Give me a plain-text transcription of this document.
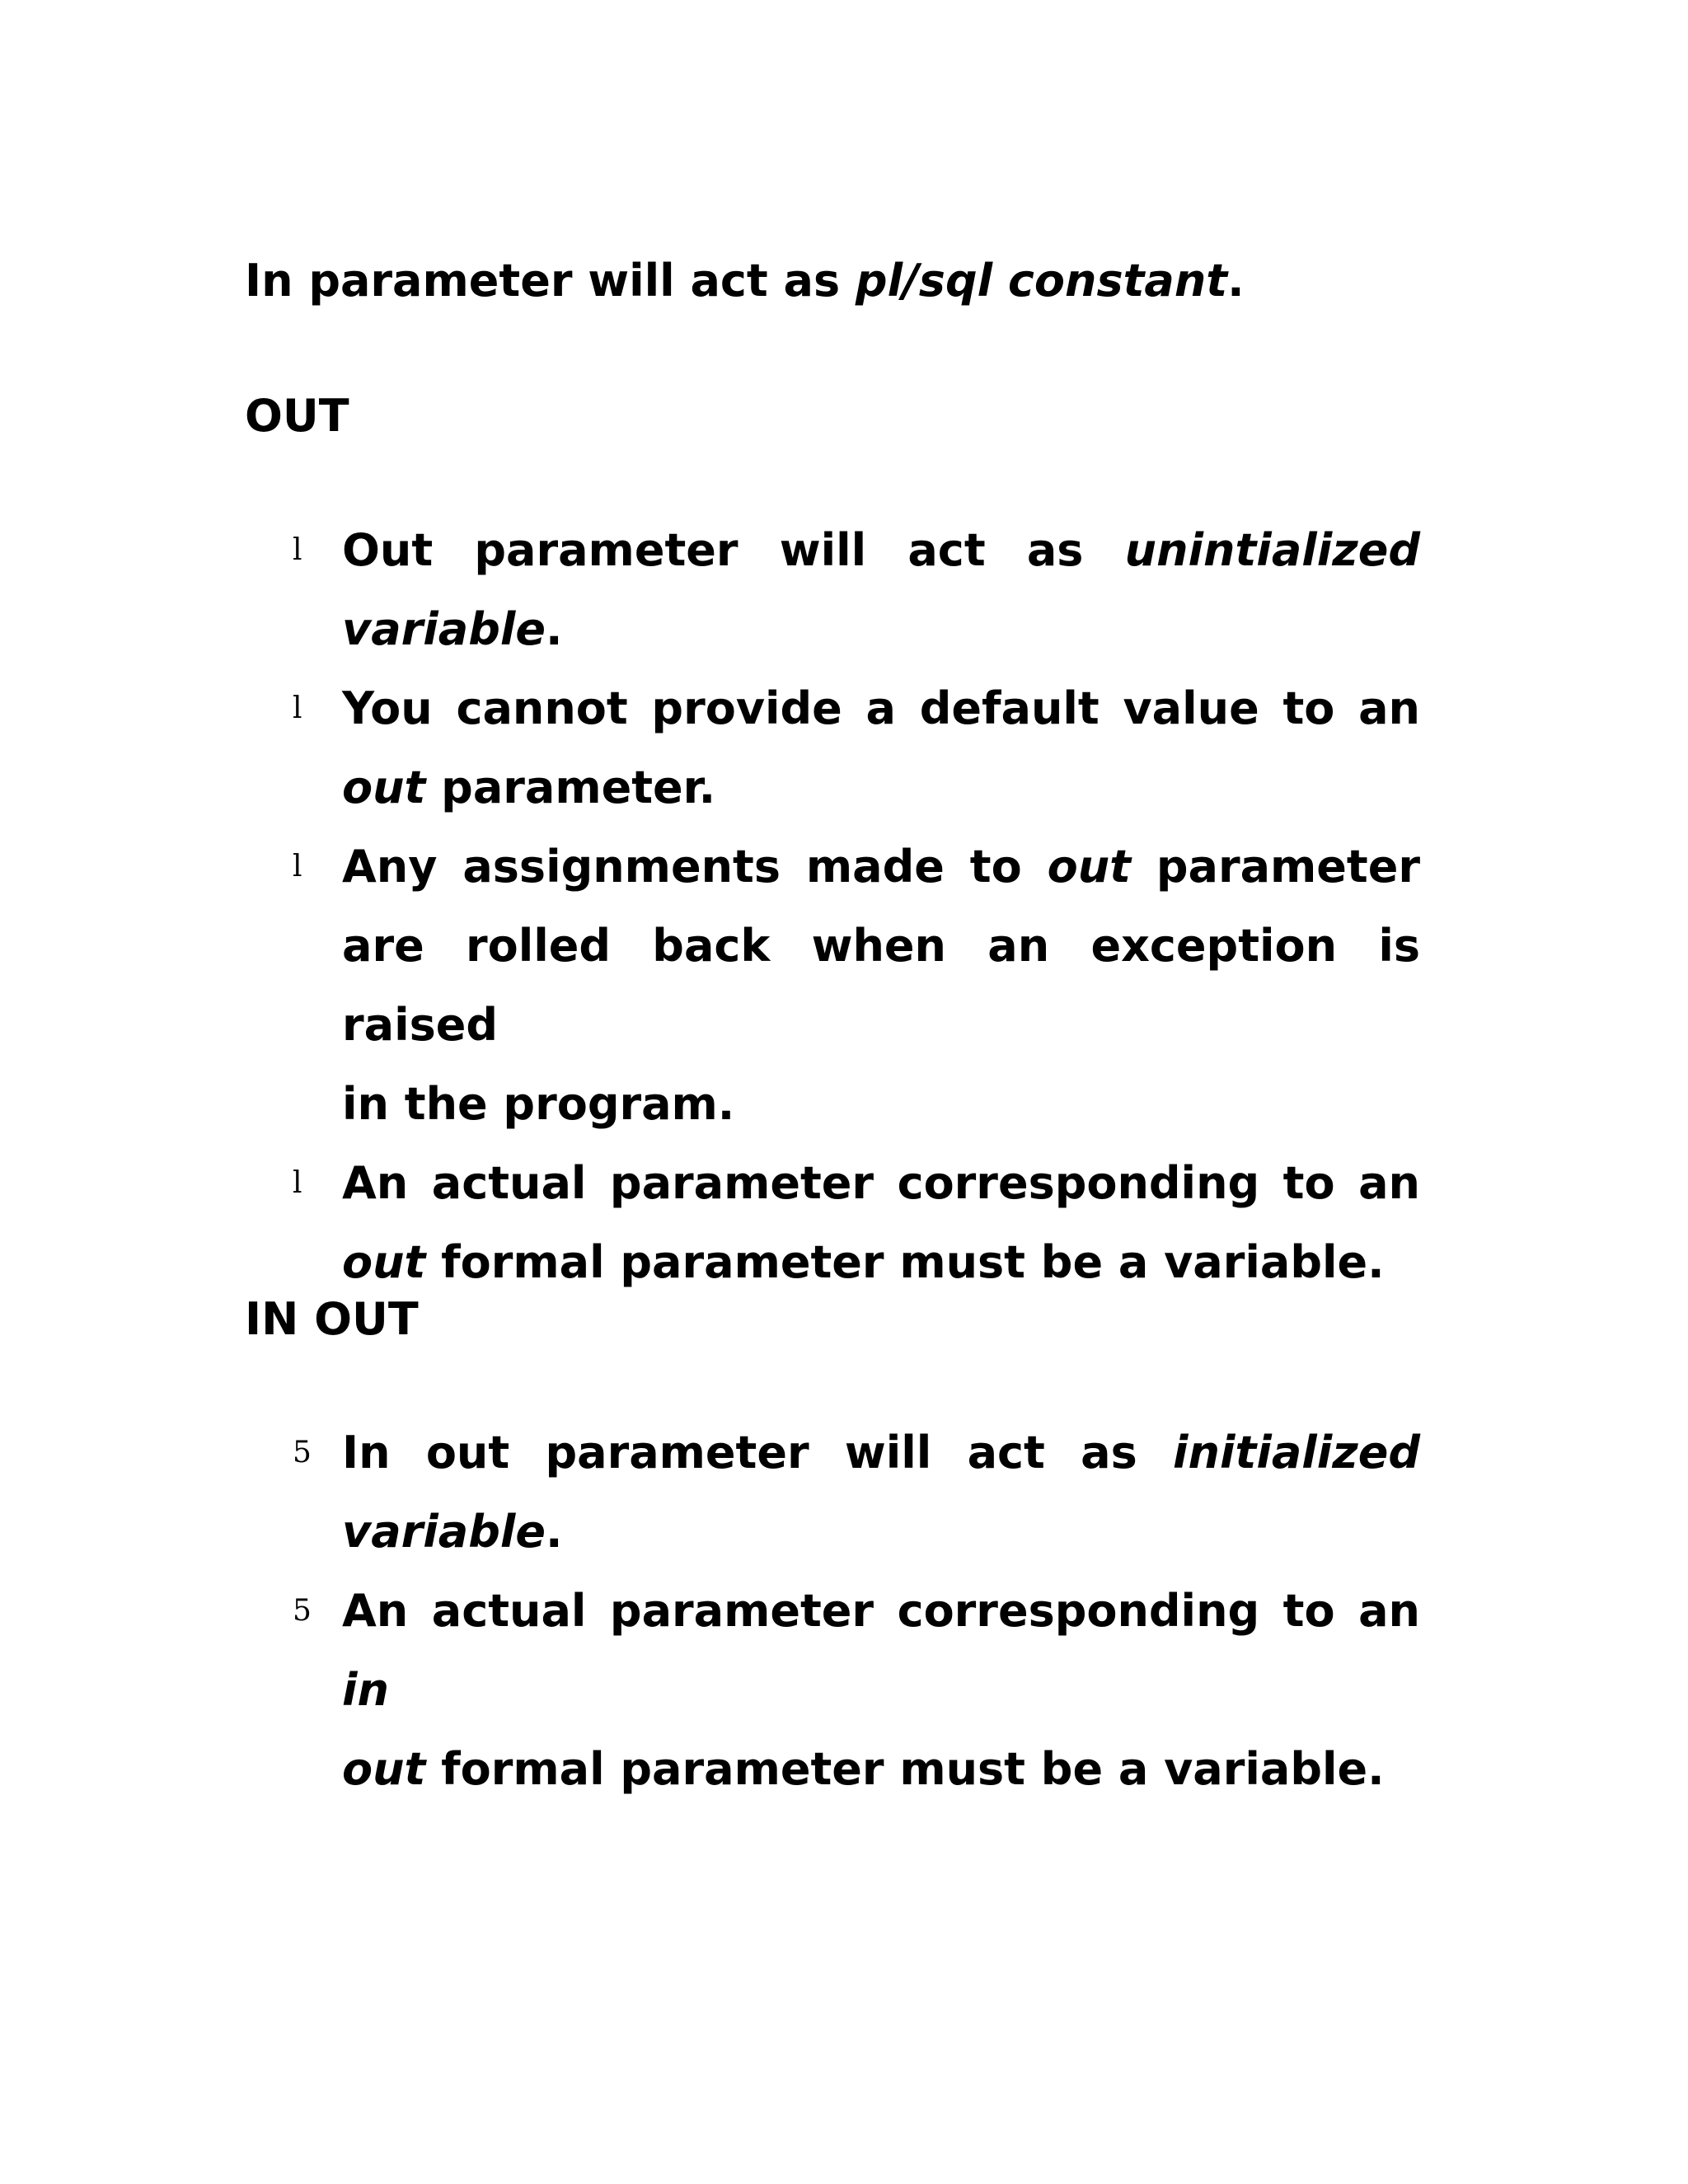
In parameter will act as pl/sql constant.
OUT
l Out parameter will act as unintialized
variable.
l You cannot provide a default value to an
out parameter.
l Any assignments made to out parameter
are rolled back when an exception is raised
in the program.
l An actual parameter corresponding to an
out formal parameter must be a variable.
IN OUT
5 In out parameter will act as initialized
variable.
5 An actual parameter corresponding to an in
out formal parameter must be a variable.
